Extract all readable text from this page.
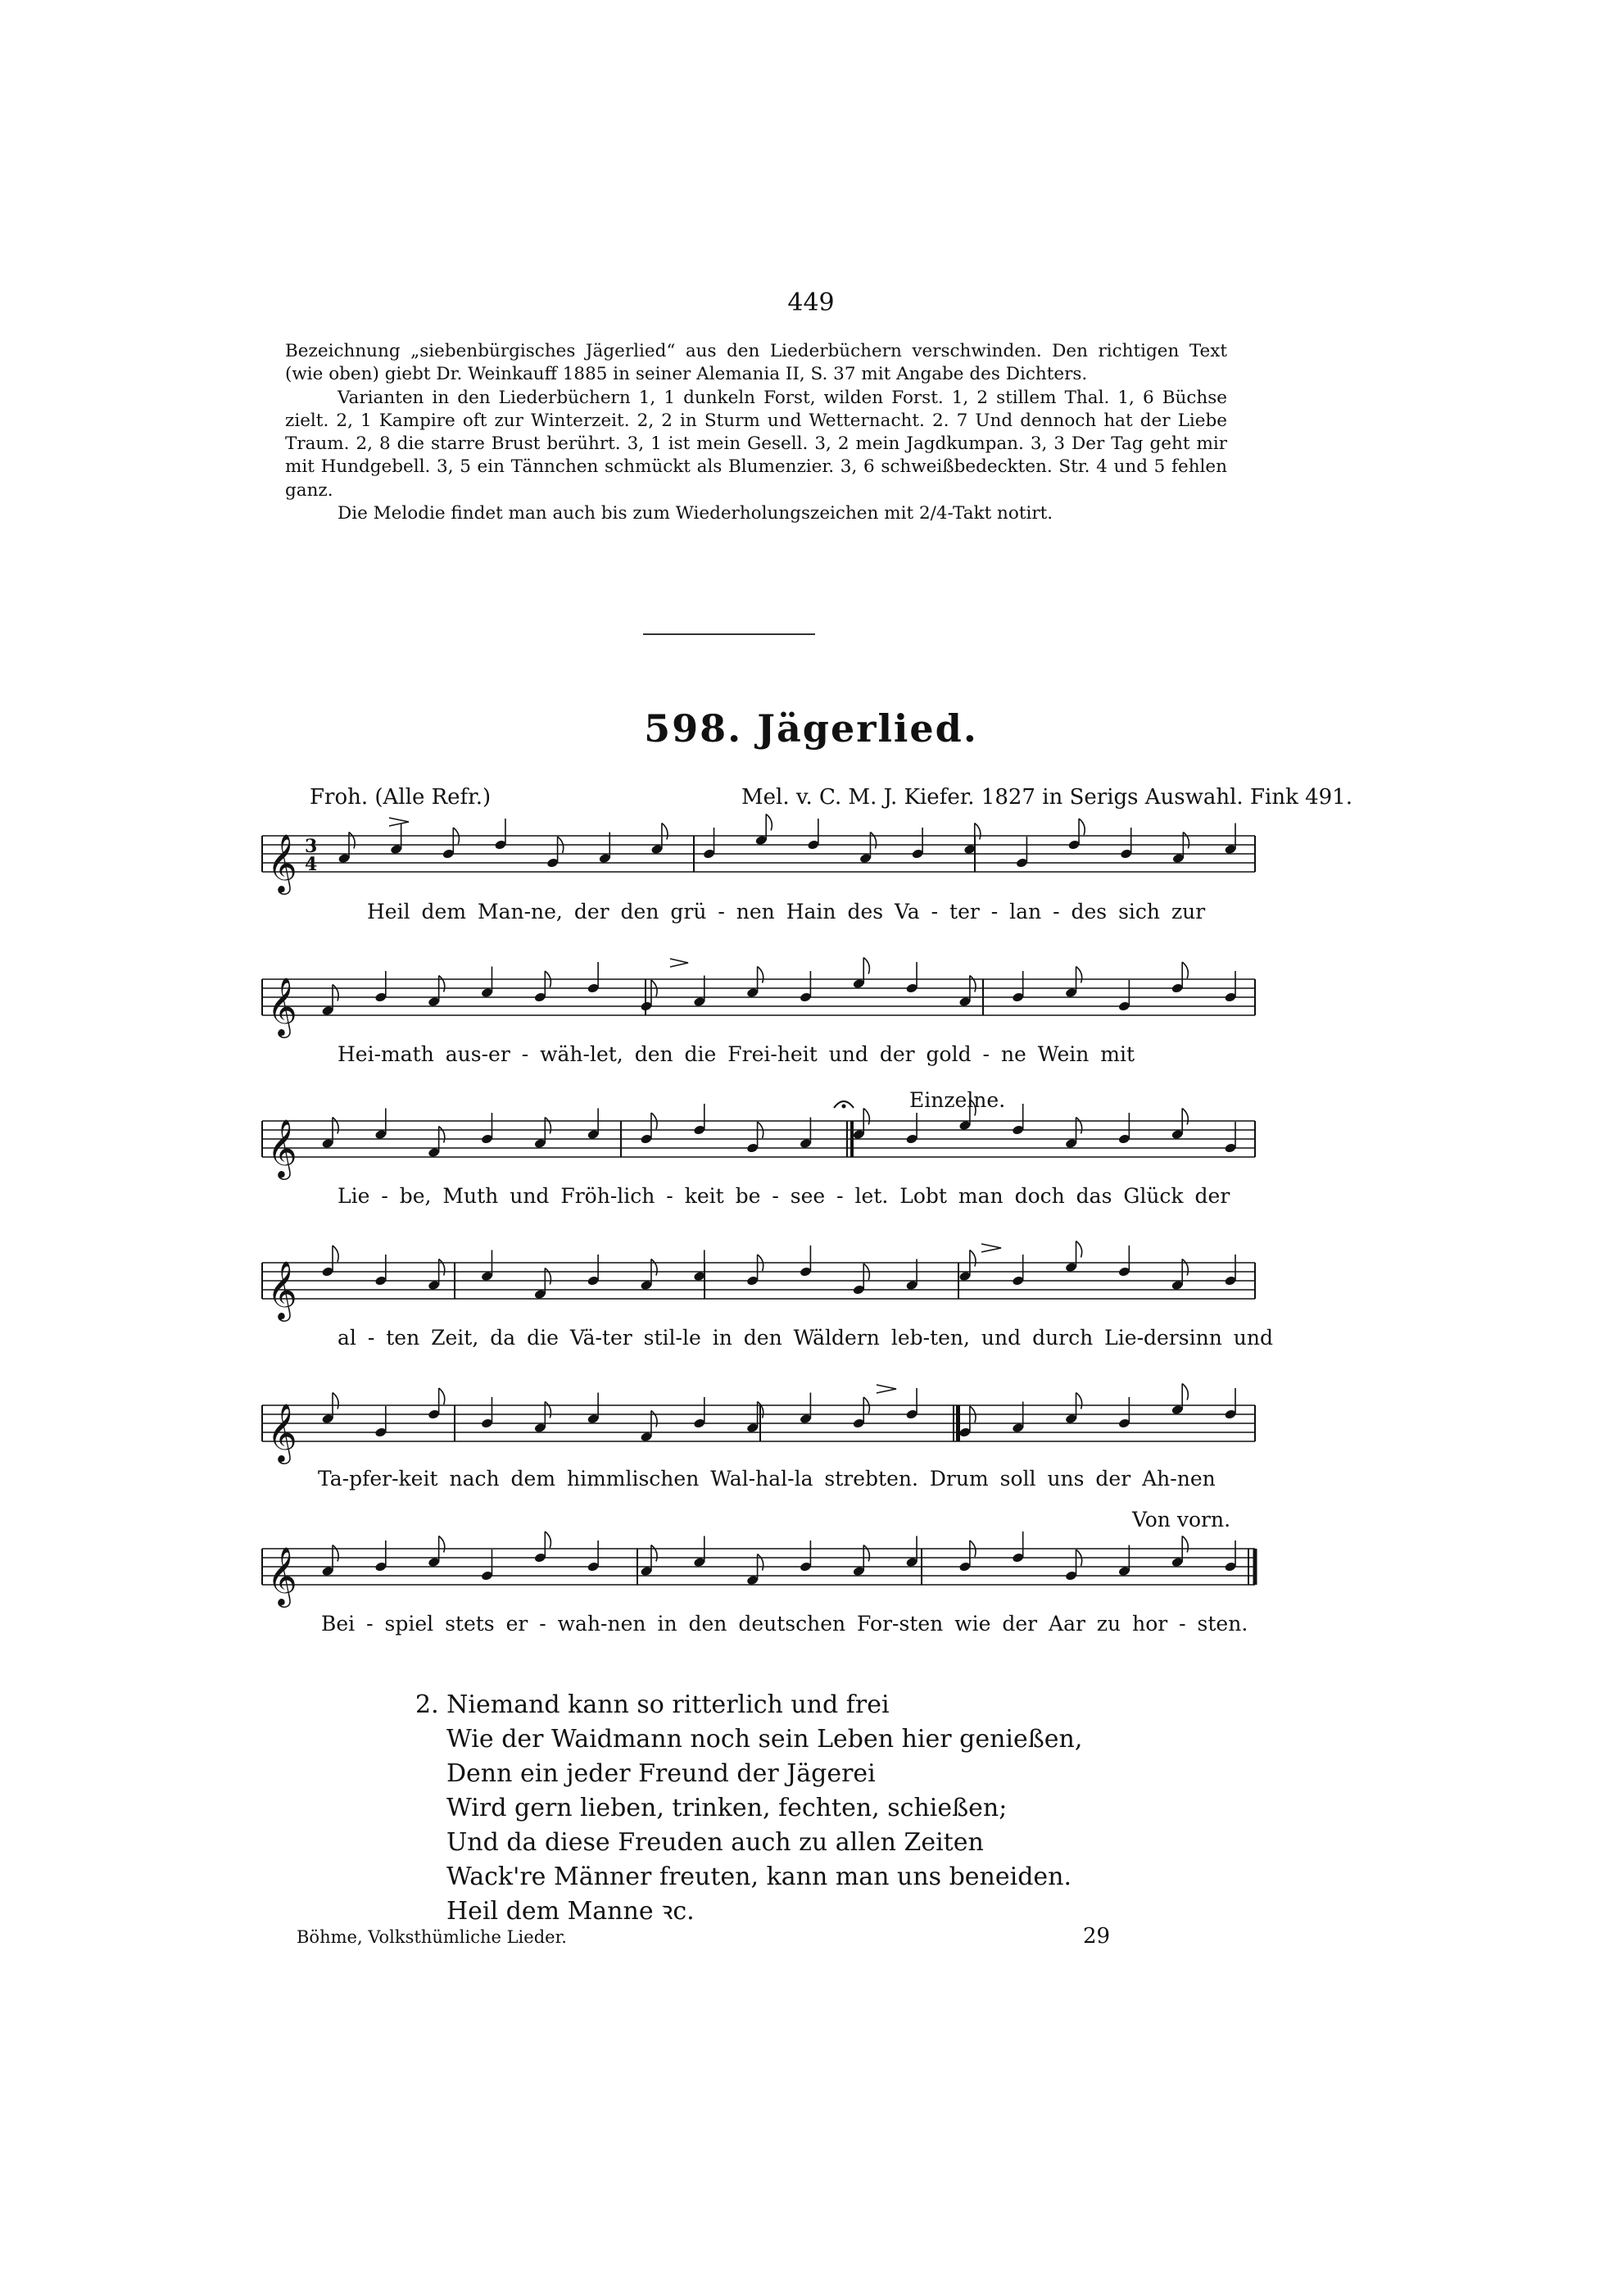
449

Bezeichnung „siebenbürgisches Jägerlied“ aus den Liederbüchern verschwinden. Den richtigen Text (wie oben) giebt Dr. Weinkauff 1885 in seiner Alemania II, S. 37 mit Angabe des Dichters.

Varianten in den Liederbüchern 1, 1 dunkeln Forst, wilden Forst. 1, 2 stillem Thal. 1, 6 Büchse zielt. 2, 1 Kampire oft zur Winterzeit. 2, 2 in Sturm und Wetternacht. 2. 7 Und dennoch hat der Liebe Traum. 2, 8 die starre Brust berührt. 3, 1 ist mein Gesell. 3, 2 mein Jagdkumpan. 3, 3 Der Tag geht mir mit Hundgebell. 3, 5 ein Tännchen schmückt als Blumenzier. 3, 6 schweißbedeckten. Str. 4 und 5 fehlen ganz.

Die Melodie findet man auch bis zum Wiederholungszeichen mit 2/4-Takt notirt.

598. Jägerlied.
Froh. (Alle Refr.)	Mel. v. C. M. J. Kiefer. 1827 in Serigs Auswahl. Fink 491.
𝄞 3
4
𝄞
𝄞
𝄞
𝄞
𝄞
Einzelne.
Von vorn.
Heil dem Man-ne, der den grü - nen Hain des Va - ter - lan - des sich zur
Hei-math aus-er - wäh-let, den die Frei-heit und der gold - ne Wein mit
Lie - be, Muth und Fröh-lich - keit be - see - let. Lobt man doch das Glück der
al - ten Zeit, da die Vä-ter stil-le in den Wäldern leb-ten, und durch Lie-dersinn und
Ta-pfer-keit nach dem himmlischen Wal-hal-la strebten. Drum soll uns der Ah-nen
Bei - spiel stets er - wah-nen in den deutschen For-sten wie der Aar zu hor - sten.
2. Niemand kann so ritterlich und frei
Wie der Waidmann noch sein Leben hier genießen,
Denn ein jeder Freund der Jägerei
Wird gern lieben, trinken, fechten, schießen;
Und da diese Freuden auch zu allen Zeiten
Wack're Männer freuten, kann man uns beneiden.
Heil dem Manne ꝛc.
Böhme, Volksthümliche Lieder.	29
